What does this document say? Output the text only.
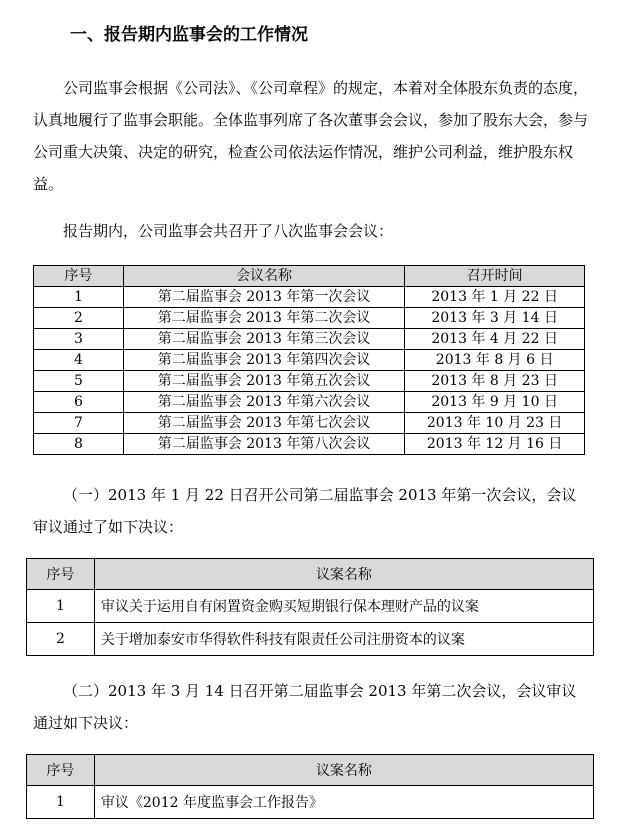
一、报告期内监事会的工作情况
公司监事会根据《公司法》、《公司章程》的规定，本着对全体股东负责的态度，认真地履行了监事会职能。全体监事列席了各次董事会会议，参加了股东大会，参与公司重大决策、决定的研究，检查公司依法运作情况，维护公司利益，维护股东权益。
报告期内，公司监事会共召开了八次监事会会议：
序号	会议名称	召开时间
1	第二届监事会 2013 年第一次会议	2013 年 1 月 22 日
2	第二届监事会 2013 年第二次会议	2013 年 3 月 14 日
3	第二届监事会 2013 年第三次会议	2013 年 4 月 22 日
4	第二届监事会 2013 年第四次会议	2013 年 8 月 6 日
5	第二届监事会 2013 年第五次会议	2013 年 8 月 23 日
6	第二届监事会 2013 年第六次会议	2013 年 9 月 10 日
7	第二届监事会 2013 年第七次会议	2013 年 10 月 23 日
8	第二届监事会 2013 年第八次会议	2013 年 12 月 16 日
（一）2013 年 1 月 22 日召开公司第二届监事会 2013 年第一次会议，会议审议通过了如下决议：
序号	议案名称
1	审议关于运用自有闲置资金购买短期银行保本理财产品的议案
2	关于增加泰安市华得软件科技有限责任公司注册资本的议案
（二）2013 年 3 月 14 日召开第二届监事会 2013 年第二次会议，会议审议通过如下决议：
序号	议案名称
1	审议《2012 年度监事会工作报告》
